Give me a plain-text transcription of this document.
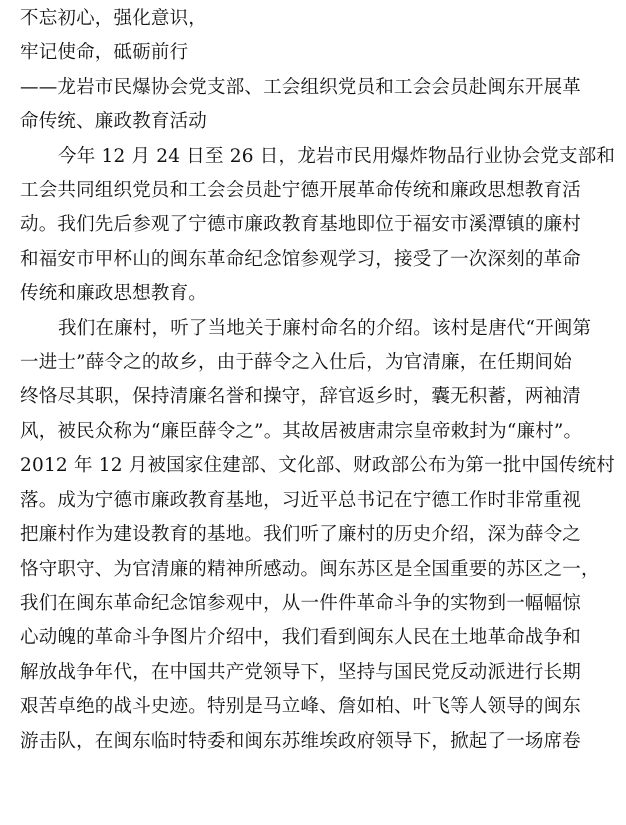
不忘初心，强化意识，
牢记使命，砥砺前行
——龙岩市民爆协会党支部、工会组织党员和工会会员赴闽东开展革
命传统、廉政教育活动
今年 12 月 24 日至 26 日，龙岩市民用爆炸物品行业协会党支部和
工会共同组织党员和工会会员赴宁德开展革命传统和廉政思想教育活
动。我们先后参观了宁德市廉政教育基地即位于福安市溪潭镇的廉村
和福安市甲杯山的闽东革命纪念馆参观学习，接受了一次深刻的革命
传统和廉政思想教育。
我们在廉村，听了当地关于廉村命名的介绍。该村是唐代“开闽第
一进士”薛令之的故乡，由于薛令之入仕后，为官清廉，在任期间始
终恪尽其职，保持清廉名誉和操守，辞官返乡时，囊无积蓄，两袖清
风，被民众称为“廉臣薛令之”。其故居被唐肃宗皇帝敕封为“廉村”。
2012 年 12 月被国家住建部、文化部、财政部公布为第一批中国传统村
落。成为宁德市廉政教育基地，习近平总书记在宁德工作时非常重视
把廉村作为建设教育的基地。我们听了廉村的历史介绍，深为薛令之
恪守职守、为官清廉的精神所感动。闽东苏区是全国重要的苏区之一，
我们在闽东革命纪念馆参观中，从一件件革命斗争的实物到一幅幅惊
心动魄的革命斗争图片介绍中，我们看到闽东人民在土地革命战争和
解放战争年代，在中国共产党领导下，坚持与国民党反动派进行长期
艰苦卓绝的战斗史迹。特别是马立峰、詹如柏、叶飞等人领导的闽东
游击队，在闽东临时特委和闽东苏维埃政府领导下，掀起了一场席卷
